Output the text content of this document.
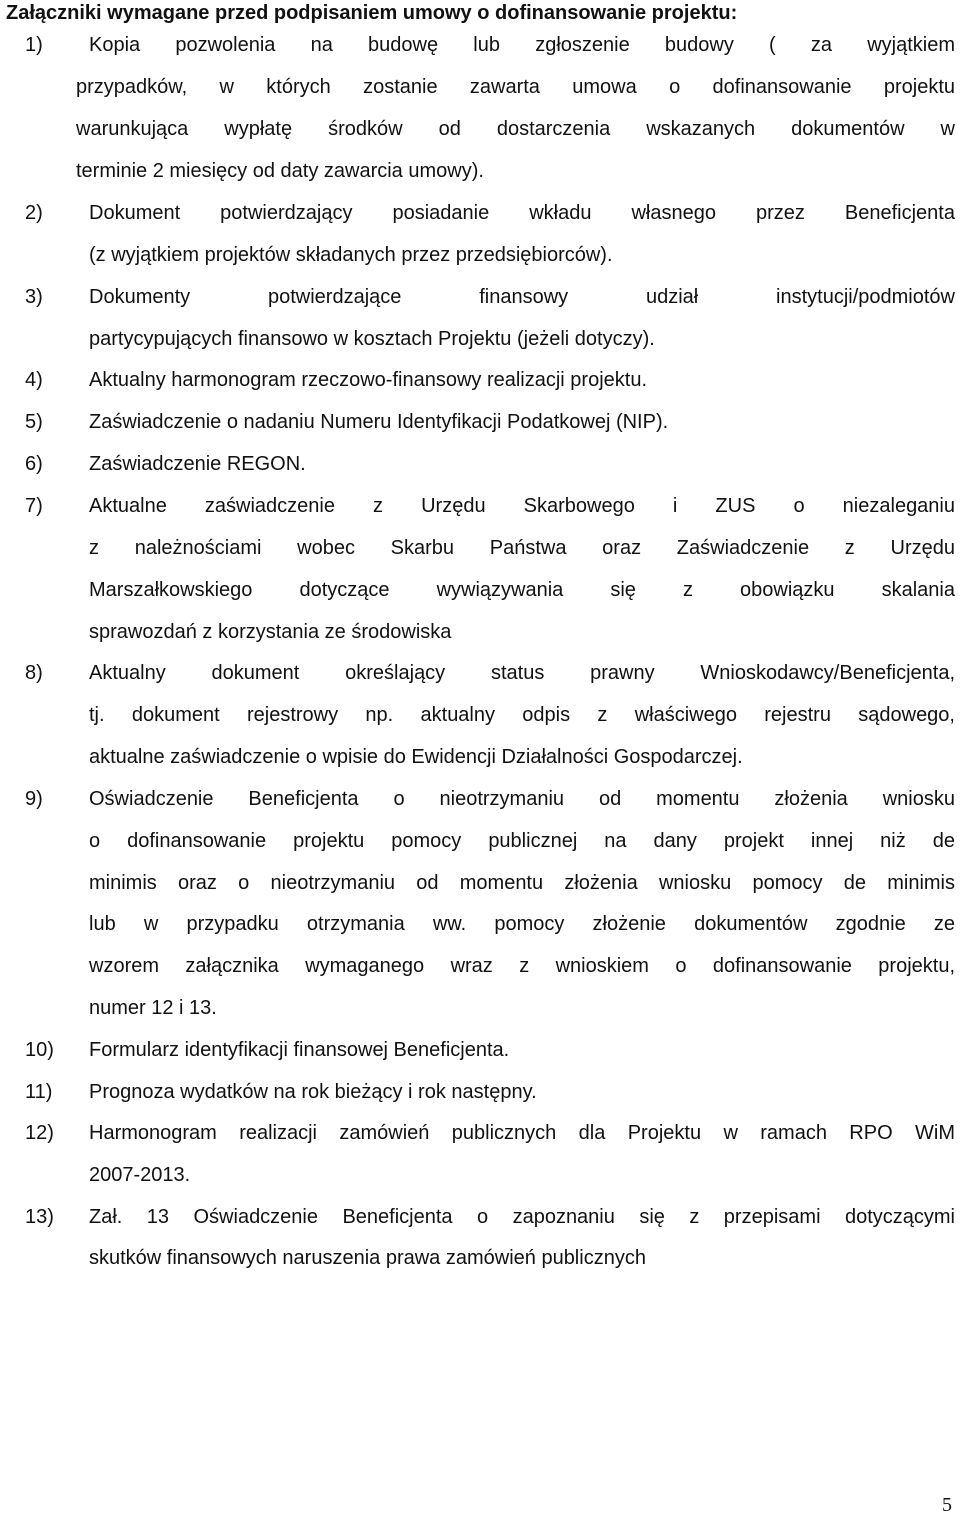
Załączniki wymagane przed podpisaniem umowy o dofinansowanie projektu:
1) Kopia pozwolenia na budowę lub zgłoszenie budowy ( za wyjątkiem
przypadków, w których zostanie zawarta umowa o dofinansowanie projektu
warunkująca wypłatę środków od dostarczenia wskazanych dokumentów w
terminie 2 miesięcy od daty zawarcia umowy).
2) Dokument potwierdzający posiadanie wkładu własnego przez Beneficjenta
(z wyjątkiem projektów składanych przez przedsiębiorców).
3) Dokumenty potwierdzające finansowy udział instytucji/podmiotów
partycypujących finansowo w kosztach Projektu (jeżeli dotyczy).
4) Aktualny harmonogram rzeczowo-finansowy realizacji projektu.
5) Zaświadczenie o nadaniu Numeru Identyfikacji Podatkowej (NIP).
6) Zaświadczenie REGON.
7) Aktualne zaświadczenie z Urzędu Skarbowego i ZUS o niezaleganiu
z należnościami wobec Skarbu Państwa oraz Zaświadczenie z Urzędu
Marszałkowskiego dotyczące wywiązywania się z obowiązku skalania
sprawozdań z korzystania ze środowiska
8) Aktualny dokument określający status prawny Wnioskodawcy/Beneficjenta,
tj. dokument rejestrowy np. aktualny odpis z właściwego rejestru sądowego,
aktualne zaświadczenie o wpisie do Ewidencji Działalności Gospodarczej.
9) Oświadczenie Beneficjenta o nieotrzymaniu od momentu złożenia wniosku
o dofinansowanie projektu pomocy publicznej na dany projekt innej niż de
minimis oraz o nieotrzymaniu od momentu złożenia wniosku pomocy de minimis
lub w przypadku otrzymania ww. pomocy złożenie dokumentów zgodnie ze
wzorem załącznika wymaganego wraz z wnioskiem o dofinansowanie projektu,
numer 12 i 13.
10) Formularz identyfikacji finansowej Beneficjenta.
11) Prognoza wydatków na rok bieżący i rok następny.
12) Harmonogram realizacji zamówień publicznych dla Projektu w ramach RPO WiM
2007-2013.
13) Zał. 13 Oświadczenie Beneficjenta o zapoznaniu się z przepisami dotyczącymi
skutków finansowych naruszenia prawa zamówień publicznych
5
